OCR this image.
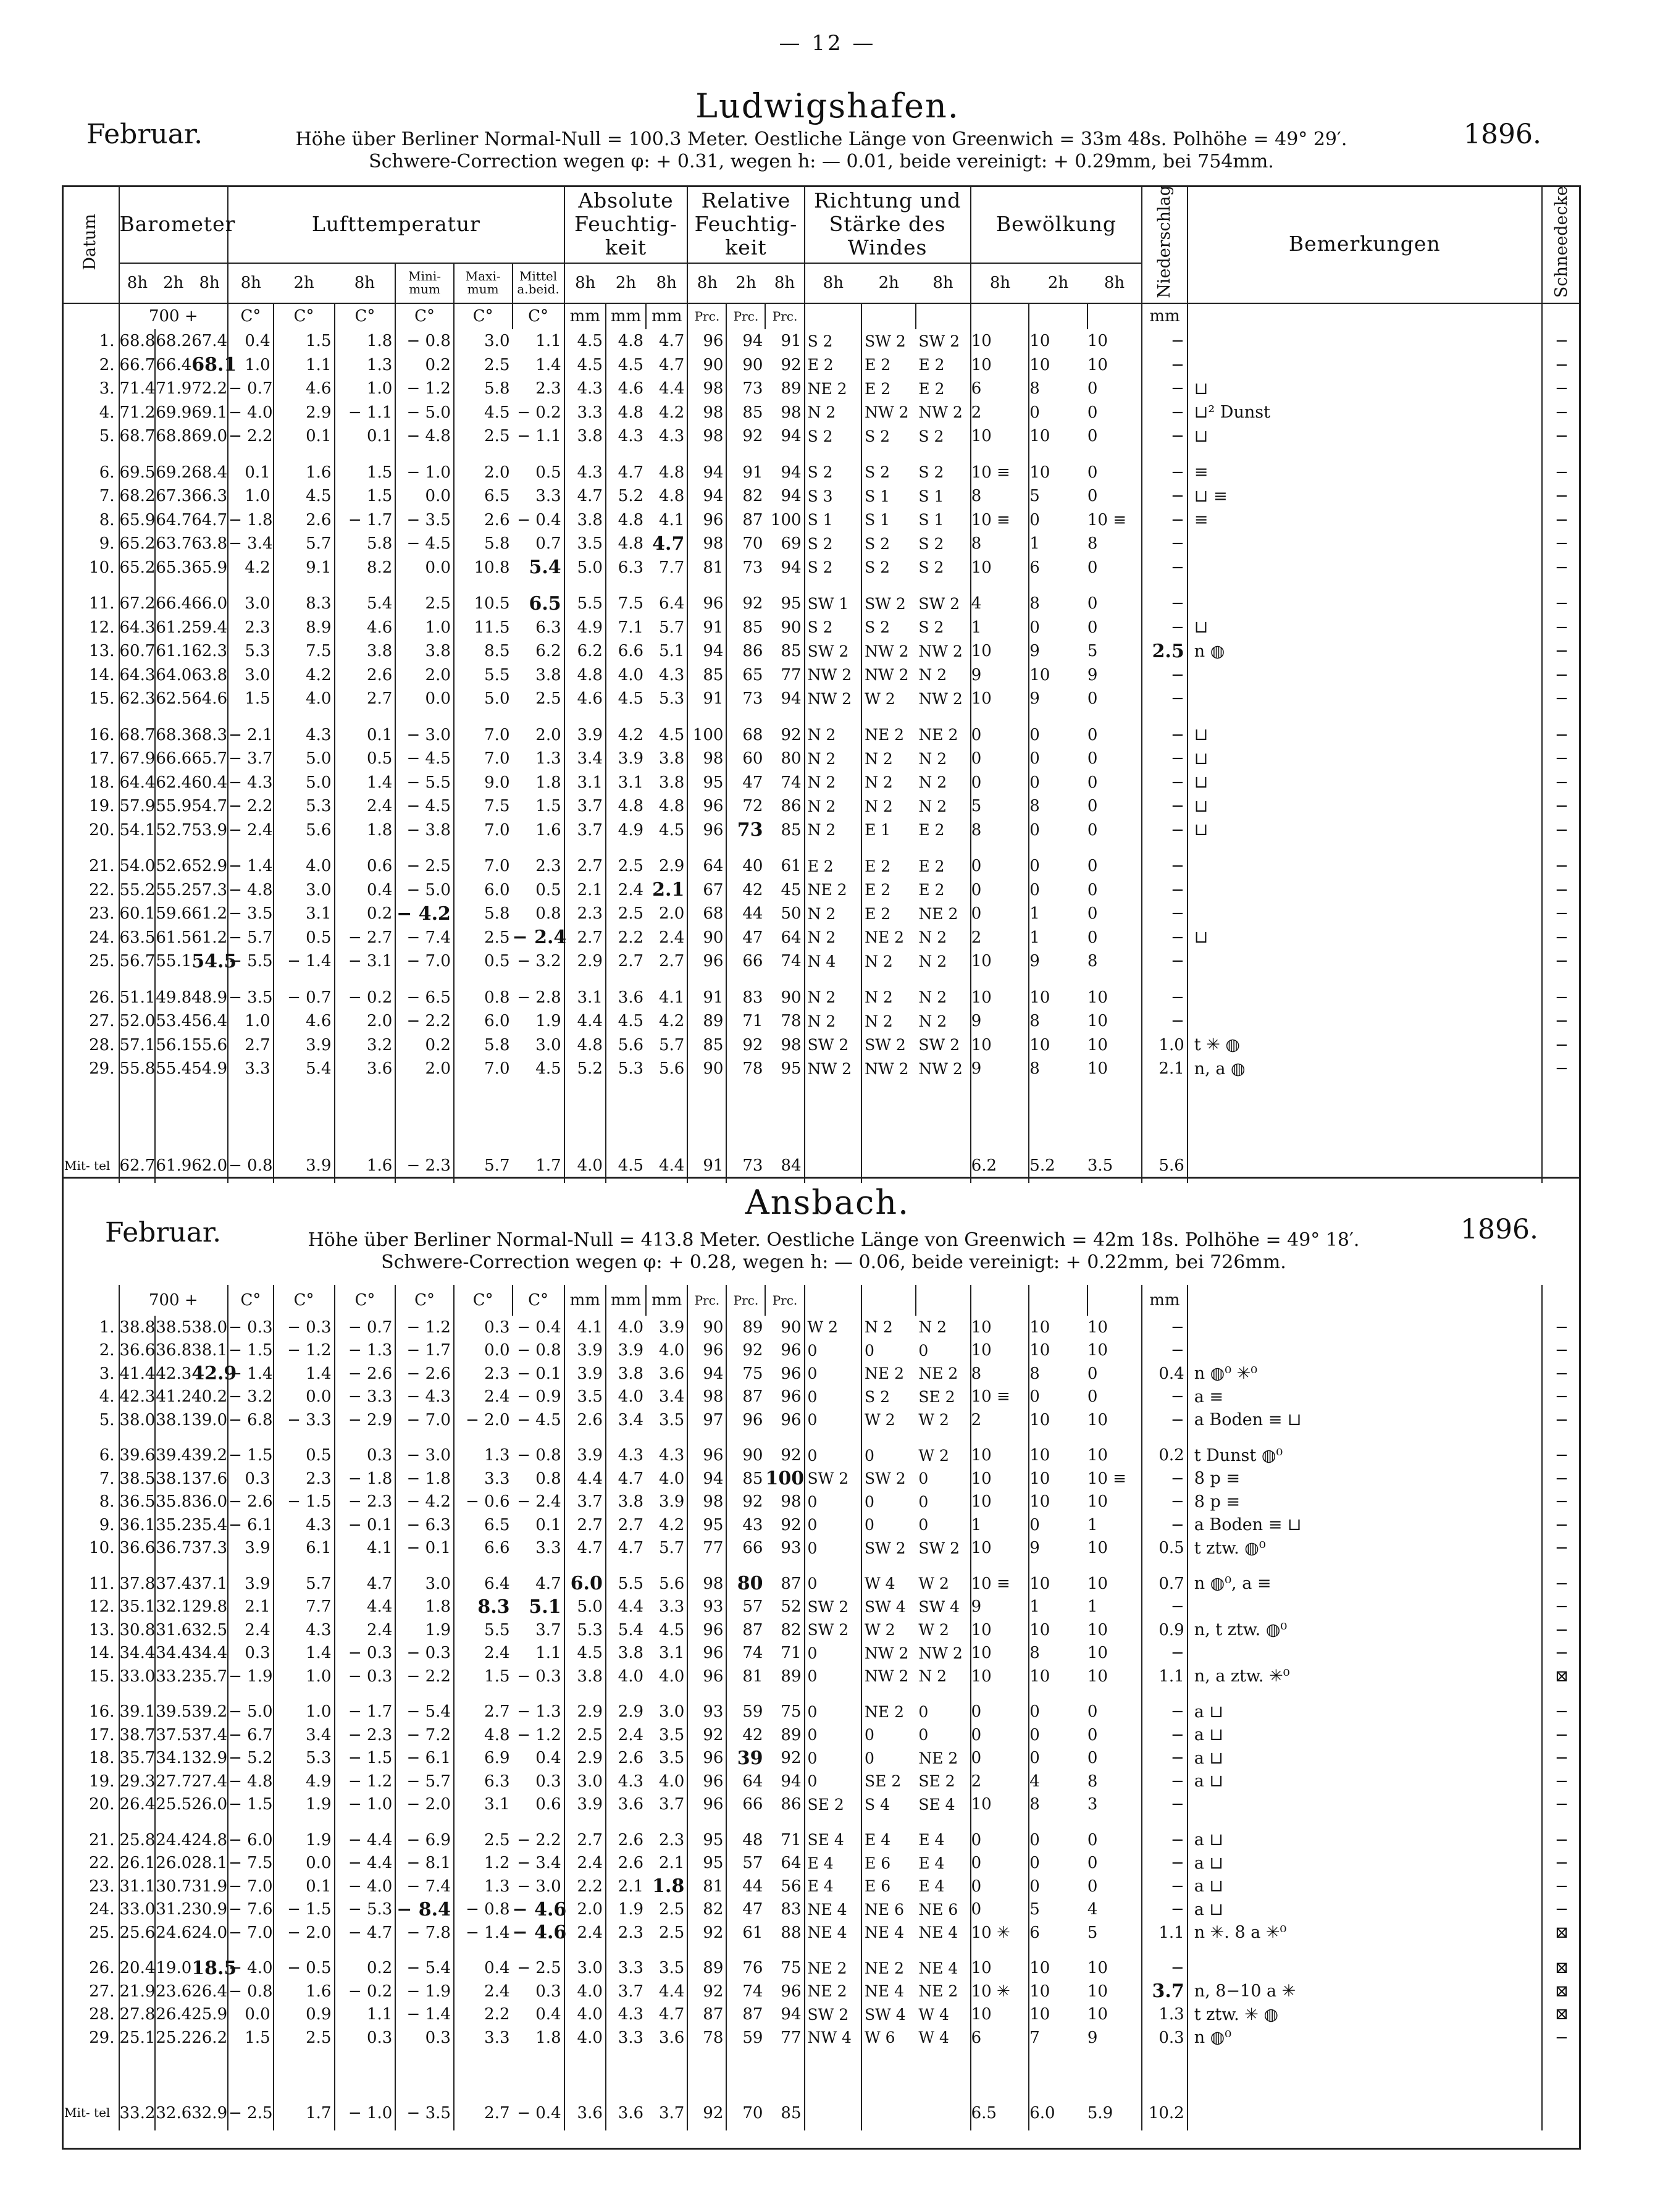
— 12 —
Ludwigshafen.
Februar.	1896.
Höhe über Berliner Normal-Null = 100.3 Meter. Oestliche Länge von Greenwich = 33m 48s. Polhöhe = 49° 29′.
Schwere-Correction wegen φ: + 0.31, wegen h: — 0.01, beide vereinigt: + 0.29mm, bei 754mm.
Ansbach.
Februar.	1896.
Höhe über Berliner Normal-Null = 413.8 Meter. Oestliche Länge von Greenwich = 42m 18s. Polhöhe = 49° 18′.
Schwere-Correction wegen φ: + 0.28, wegen h: — 0.06, beide vereinigt: + 0.22mm, bei 726mm.
Datum	Barometer			Lufttemperatur						Absolute Feuchtig- keit			Relative Feuchtig- keit			Richtung und Stärke des Windes			Bewölkung			Niederschlag	Bemerkungen	Schneedecke
	8h	2h	8h	8h	2h	8h	Mini- mum	Maxi- mum	Mittel a.beid.	8h	2h	8h	8h	2h	8h	8h	2h	8h	8h	2h	8h			
	700 +			C°	C°	C°	C°	C°	C°	mm	mm	mm	Prc.	Prc.	Prc.							mm		
1.	68.8	68.2	67.4	0.4	1.5	1.8	− 0.8	3.0	1.1	4.5	4.8	4.7	96	94	91	S 2	SW 2	SW 2	10	10	10	−		−
2.	66.7	66.4	68.1	1.0	1.1	1.3	0.2	2.5	1.4	4.5	4.5	4.7	90	90	92	E 2	E 2	E 2	10	10	10	−		−
3.	71.4	71.9	72.2	− 0.7	4.6	1.0	− 1.2	5.8	2.3	4.3	4.6	4.4	98	73	89	NE 2	E 2	E 2	6	8	0	−	⊔	−
4.	71.2	69.9	69.1	− 4.0	2.9	− 1.1	− 5.0	4.5	− 0.2	3.3	4.8	4.2	98	85	98	N 2	NW 2	NW 2	2	0	0	−	⊔² Dunst	−
5.	68.7	68.8	69.0	− 2.2	0.1	0.1	− 4.8	2.5	− 1.1	3.8	4.3	4.3	98	92	94	S 2	S 2	S 2	10	10	0	−	⊔	−

6.	69.5	69.2	68.4	0.1	1.6	1.5	− 1.0	2.0	0.5	4.3	4.7	4.8	94	91	94	S 2	S 2	S 2	10 ≡	10	0	−	≡	−
7.	68.2	67.3	66.3	1.0	4.5	1.5	0.0	6.5	3.3	4.7	5.2	4.8	94	82	94	S 3	S 1	S 1	8	5	0	−	⊔ ≡	−
8.	65.9	64.7	64.7	− 1.8	2.6	− 1.7	− 3.5	2.6	− 0.4	3.8	4.8	4.1	96	87	100	S 1	S 1	S 1	10 ≡	0	10 ≡	−	≡	−
9.	65.2	63.7	63.8	− 3.4	5.7	5.8	− 4.5	5.8	0.7	3.5	4.8	4.7	98	70	69	S 2	S 2	S 2	8	1	8	−		−
10.	65.2	65.3	65.9	4.2	9.1	8.2	0.0	10.8	5.4	5.0	6.3	7.7	81	73	94	S 2	S 2	S 2	10	6	0	−		−

11.	67.2	66.4	66.0	3.0	8.3	5.4	2.5	10.5	6.5	5.5	7.5	6.4	96	92	95	SW 1	SW 2	SW 2	4	8	0	−		−
12.	64.3	61.2	59.4	2.3	8.9	4.6	1.0	11.5	6.3	4.9	7.1	5.7	91	85	90	S 2	S 2	S 2	1	0	0	−	⊔	−
13.	60.7	61.1	62.3	5.3	7.5	3.8	3.8	8.5	6.2	6.2	6.6	5.1	94	86	85	SW 2	NW 2	NW 2	10	9	5	2.5	n ◍	−
14.	64.3	64.0	63.8	3.0	4.2	2.6	2.0	5.5	3.8	4.8	4.0	4.3	85	65	77	NW 2	NW 2	N 2	9	10	9	−		−
15.	62.3	62.5	64.6	1.5	4.0	2.7	0.0	5.0	2.5	4.6	4.5	5.3	91	73	94	NW 2	W 2	NW 2	10	9	0	−		−

16.	68.7	68.3	68.3	− 2.1	4.3	0.1	− 3.0	7.0	2.0	3.9	4.2	4.5	100	68	92	N 2	NE 2	NE 2	0	0	0	−	⊔	−
17.	67.9	66.6	65.7	− 3.7	5.0	0.5	− 4.5	7.0	1.3	3.4	3.9	3.8	98	60	80	N 2	N 2	N 2	0	0	0	−	⊔	−
18.	64.4	62.4	60.4	− 4.3	5.0	1.4	− 5.5	9.0	1.8	3.1	3.1	3.8	95	47	74	N 2	N 2	N 2	0	0	0	−	⊔	−
19.	57.9	55.9	54.7	− 2.2	5.3	2.4	− 4.5	7.5	1.5	3.7	4.8	4.8	96	72	86	N 2	N 2	N 2	5	8	0	−	⊔	−
20.	54.1	52.7	53.9	− 2.4	5.6	1.8	− 3.8	7.0	1.6	3.7	4.9	4.5	96	73	85	N 2	E 1	E 2	8	0	0	−	⊔	−

21.	54.0	52.6	52.9	− 1.4	4.0	0.6	− 2.5	7.0	2.3	2.7	2.5	2.9	64	40	61	E 2	E 2	E 2	0	0	0	−		−
22.	55.2	55.2	57.3	− 4.8	3.0	0.4	− 5.0	6.0	0.5	2.1	2.4	2.1	67	42	45	NE 2	E 2	E 2	0	0	0	−		−
23.	60.1	59.6	61.2	− 3.5	3.1	0.2	− 4.2	5.8	0.8	2.3	2.5	2.0	68	44	50	N 2	E 2	NE 2	0	1	0	−		−
24.	63.5	61.5	61.2	− 5.7	0.5	− 2.7	− 7.4	2.5	− 2.4	2.7	2.2	2.4	90	47	64	N 2	NE 2	N 2	2	1	0	−	⊔	−
25.	56.7	55.1	54.5	− 5.5	− 1.4	− 3.1	− 7.0	0.5	− 3.2	2.9	2.7	2.7	96	66	74	N 4	N 2	N 2	10	9	8	−		−

26.	51.1	49.8	48.9	− 3.5	− 0.7	− 0.2	− 6.5	0.8	− 2.8	3.1	3.6	4.1	91	83	90	N 2	N 2	N 2	10	10	10	−		−
27.	52.0	53.4	56.4	1.0	4.6	2.0	− 2.2	6.0	1.9	4.4	4.5	4.2	89	71	78	N 2	N 2	N 2	9	8	10	−		−
28.	57.1	56.1	55.6	2.7	3.9	3.2	0.2	5.8	3.0	4.8	5.6	5.7	85	92	98	SW 2	SW 2	SW 2	10	10	10	1.0	t ✳ ◍	−
29.	55.8	55.4	54.9	3.3	5.4	3.6	2.0	7.0	4.5	5.2	5.3	5.6	90	78	95	NW 2	NW 2	NW 2	9	8	10	2.1	n, a ◍	−

Mit- tel	62.7	61.9	62.0	− 0.8	3.9	1.6	− 2.3	5.7	1.7	4.0	4.5	4.4	91	73	84				6.2	5.2	3.5	5.6		
	700 +			C°	C°	C°	C°	C°	C°	mm	mm	mm	Prc.	Prc.	Prc.							mm		
1.	38.8	38.5	38.0	− 0.3	− 0.3	− 0.7	− 1.2	0.3	− 0.4	4.1	4.0	3.9	90	89	90	W 2	N 2	N 2	10	10	10	−		−
2.	36.6	36.8	38.1	− 1.5	− 1.2	− 1.3	− 1.7	0.0	− 0.8	3.9	3.9	4.0	96	92	96	0	0	0	10	10	10	−		−
3.	41.4	42.3	42.9	− 1.4	1.4	− 2.6	− 2.6	2.3	− 0.1	3.9	3.8	3.6	94	75	96	0	NE 2	NE 2	8	8	0	0.4	n ◍⁰ ✳⁰	−
4.	42.3	41.2	40.2	− 3.2	0.0	− 3.3	− 4.3	2.4	− 0.9	3.5	4.0	3.4	98	87	96	0	S 2	SE 2	10 ≡	0	0	−	a ≡	−
5.	38.0	38.1	39.0	− 6.8	− 3.3	− 2.9	− 7.0	− 2.0	− 4.5	2.6	3.4	3.5	97	96	96	0	W 2	W 2	2	10	10	−	a Boden ≡ ⊔	−

6.	39.6	39.4	39.2	− 1.5	0.5	0.3	− 3.0	1.3	− 0.8	3.9	4.3	4.3	96	90	92	0	0	W 2	10	10	10	0.2	t Dunst ◍⁰	−
7.	38.5	38.1	37.6	0.3	2.3	− 1.8	− 1.8	3.3	0.8	4.4	4.7	4.0	94	85	100	SW 2	SW 2	0	10	10	10 ≡	−	8 p ≡	−
8.	36.5	35.8	36.0	− 2.6	− 1.5	− 2.3	− 4.2	− 0.6	− 2.4	3.7	3.8	3.9	98	92	98	0	0	0	10	10	10	−	8 p ≡	−
9.	36.1	35.2	35.4	− 6.1	4.3	− 0.1	− 6.3	6.5	0.1	2.7	2.7	4.2	95	43	92	0	0	0	1	0	1	−	a Boden ≡ ⊔	−
10.	36.6	36.7	37.3	3.9	6.1	4.1	− 0.1	6.6	3.3	4.7	4.7	5.7	77	66	93	0	SW 2	SW 2	10	9	10	0.5	t ztw. ◍⁰	−

11.	37.8	37.4	37.1	3.9	5.7	4.7	3.0	6.4	4.7	6.0	5.5	5.6	98	80	87	0	W 4	W 2	10 ≡	10	10	0.7	n ◍⁰, a ≡	−
12.	35.1	32.1	29.8	2.1	7.7	4.4	1.8	8.3	5.1	5.0	4.4	3.3	93	57	52	SW 2	SW 4	SW 4	9	1	1	−		−
13.	30.8	31.6	32.5	2.4	4.3	2.4	1.9	5.5	3.7	5.3	5.4	4.5	96	87	82	SW 2	W 2	W 2	10	10	10	0.9	n, t ztw. ◍⁰	−
14.	34.4	34.4	34.4	0.3	1.4	− 0.3	− 0.3	2.4	1.1	4.5	3.8	3.1	96	74	71	0	NW 2	NW 2	10	8	10	−		−
15.	33.0	33.2	35.7	− 1.9	1.0	− 0.3	− 2.2	1.5	− 0.3	3.8	4.0	4.0	96	81	89	0	NW 2	N 2	10	10	10	1.1	n, a ztw. ✳⁰	⊠

16.	39.1	39.5	39.2	− 5.0	1.0	− 1.7	− 5.4	2.7	− 1.3	2.9	2.9	3.0	93	59	75	0	NE 2	0	0	0	0	−	a ⊔	−
17.	38.7	37.5	37.4	− 6.7	3.4	− 2.3	− 7.2	4.8	− 1.2	2.5	2.4	3.5	92	42	89	0	0	0	0	0	0	−	a ⊔	−
18.	35.7	34.1	32.9	− 5.2	5.3	− 1.5	− 6.1	6.9	0.4	2.9	2.6	3.5	96	39	92	0	0	NE 2	0	0	0	−	a ⊔	−
19.	29.3	27.7	27.4	− 4.8	4.9	− 1.2	− 5.7	6.3	0.3	3.0	4.3	4.0	96	64	94	0	SE 2	SE 2	2	4	8	−	a ⊔	−
20.	26.4	25.5	26.0	− 1.5	1.9	− 1.0	− 2.0	3.1	0.6	3.9	3.6	3.7	96	66	86	SE 2	S 4	SE 4	10	8	3	−		−

21.	25.8	24.4	24.8	− 6.0	1.9	− 4.4	− 6.9	2.5	− 2.2	2.7	2.6	2.3	95	48	71	SE 4	E 4	E 4	0	0	0	−	a ⊔	−
22.	26.1	26.0	28.1	− 7.5	0.0	− 4.4	− 8.1	1.2	− 3.4	2.4	2.6	2.1	95	57	64	E 4	E 6	E 4	0	0	0	−	a ⊔	−
23.	31.1	30.7	31.9	− 7.0	0.1	− 4.0	− 7.4	1.3	− 3.0	2.2	2.1	1.8	81	44	56	E 4	E 6	E 4	0	0	0	−	a ⊔	−
24.	33.0	31.2	30.9	− 7.6	− 1.5	− 5.3	− 8.4	− 0.8	− 4.6	2.0	1.9	2.5	82	47	83	NE 4	NE 6	NE 6	0	5	4	−	a ⊔	−
25.	25.6	24.6	24.0	− 7.0	− 2.0	− 4.7	− 7.8	− 1.4	− 4.6	2.4	2.3	2.5	92	61	88	NE 4	NE 4	NE 4	10 ✳	6	5	1.1	n ✳. 8 a ✳⁰	⊠

26.	20.4	19.0	18.5	− 4.0	− 0.5	0.2	− 5.4	0.4	− 2.5	3.0	3.3	3.5	89	76	75	NE 2	NE 2	NE 4	10	10	10	−		⊠
27.	21.9	23.6	26.4	− 0.8	1.6	− 0.2	− 1.9	2.4	0.3	4.0	3.7	4.4	92	74	96	NE 2	NE 4	NE 2	10 ✳	10	10	3.7	n, 8−10 a ✳	⊠
28.	27.8	26.4	25.9	0.0	0.9	1.1	− 1.4	2.2	0.4	4.0	4.3	4.7	87	87	94	SW 2	SW 4	W 4	10	10	10	1.3	t ztw. ✳ ◍	⊠
29.	25.1	25.2	26.2	1.5	2.5	0.3	0.3	3.3	1.8	4.0	3.3	3.6	78	59	77	NW 4	W 6	W 4	6	7	9	0.3	n ◍⁰	−

Mit- tel	33.2	32.6	32.9	− 2.5	1.7	− 1.0	− 3.5	2.7	− 0.4	3.6	3.6	3.7	92	70	85				6.5	6.0	5.9	10.2		
